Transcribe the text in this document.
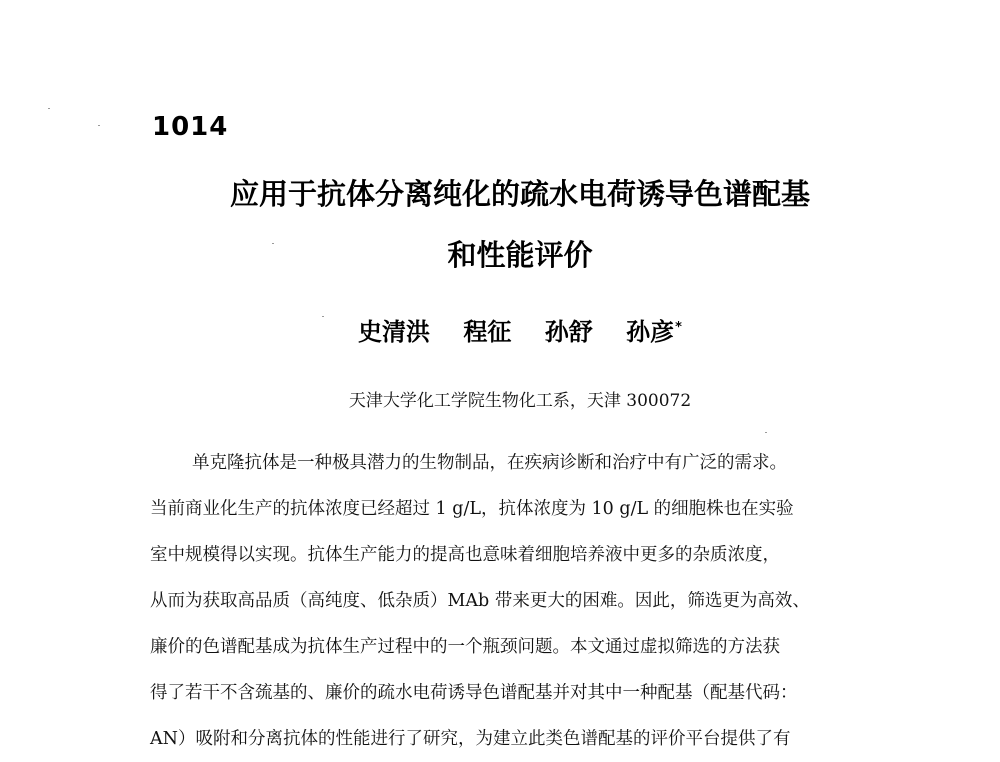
1014
应用于抗体分离纯化的疏水电荷诱导色谱配基
和性能评价
史清洪 程征 孙舒 孙彦*
天津大学化工学院生物化工系，天津 300072
单克隆抗体是一种极具潜力的生物制品，在疾病诊断和治疗中有广泛的需求。
当前商业化生产的抗体浓度已经超过 1 g/L，抗体浓度为 10 g/L 的细胞株也在实验
室中规模得以实现。抗体生产能力的提高也意味着细胞培养液中更多的杂质浓度，
从而为获取高品质（高纯度、低杂质）MAb 带来更大的困难。因此，筛选更为高效、
廉价的色谱配基成为抗体生产过程中的一个瓶颈问题。本文通过虚拟筛选的方法获
得了若干不含巯基的、廉价的疏水电荷诱导色谱配基并对其中一种配基（配基代码：
AN）吸附和分离抗体的性能进行了研究，为建立此类色谱配基的评价平台提供了有
